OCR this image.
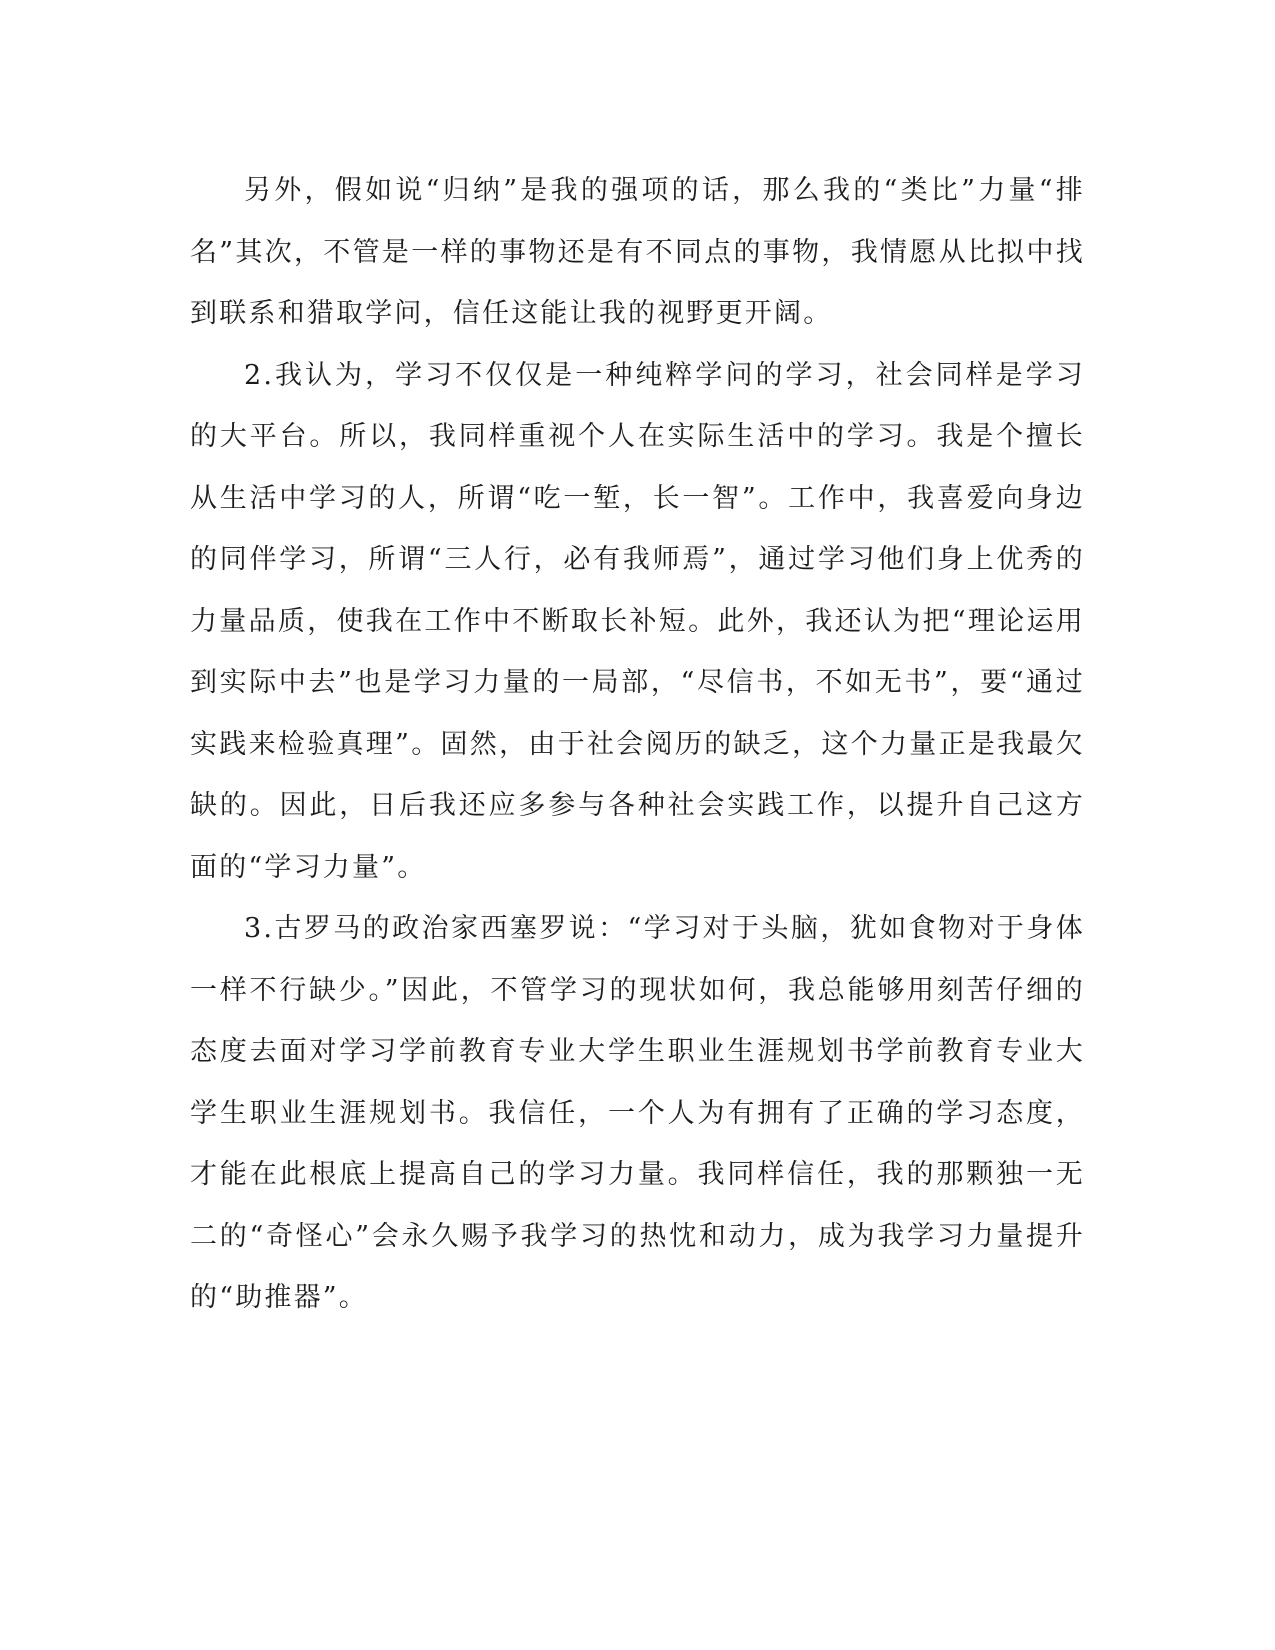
另外，假如说“归纳”是我的强项的话，那么我的“类比”力量“排名”其次，不管是一样的事物还是有不同点的事物，我情愿从比拟中找到联系和猎取学问，信任这能让我的视野更开阔。

2.我认为，学习不仅仅是一种纯粹学问的学习，社会同样是学习的大平台。所以，我同样重视个人在实际生活中的学习。我是个擅长从生活中学习的人，所谓“吃一堑，长一智”。工作中，我喜爱向身边的同伴学习，所谓“三人行，必有我师焉”，通过学习他们身上优秀的力量品质，使我在工作中不断取长补短。此外，我还认为把“理论运用到实际中去”也是学习力量的一局部，“尽信书，不如无书”，要“通过实践来检验真理”。固然，由于社会阅历的缺乏，这个力量正是我最欠缺的。因此，日后我还应多参与各种社会实践工作，以提升自己这方面的“学习力量”。

3.古罗马的政治家西塞罗说：“学习对于头脑，犹如食物对于身体一样不行缺少。”因此，不管学习的现状如何，我总能够用刻苦仔细的态度去面对学习学前教育专业大学生职业生涯规划书学前教育专业大学生职业生涯规划书。我信任，一个人为有拥有了正确的学习态度，才能在此根底上提高自己的学习力量。我同样信任，我的那颗独一无二的“奇怪心”会永久赐予我学习的热忱和动力，成为我学习力量提升的“助推器”。
